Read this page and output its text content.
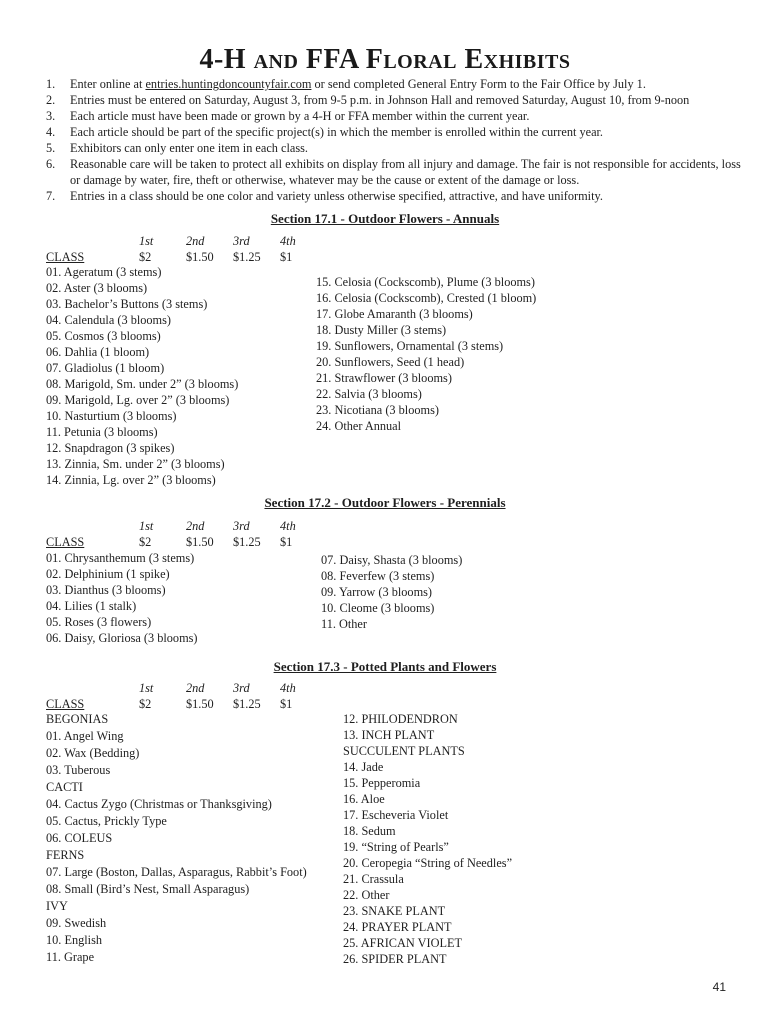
4-H and FFA Floral Exhibits
1. Enter online at entries.huntingdoncountyfair.com or send completed General Entry Form to the Fair Office by July 1.
2. Entries must be entered on Saturday, August 3, from 9-5 p.m. in Johnson Hall and removed Saturday, August 10, from 9-noon
3. Each article must have been made or grown by a 4-H or FFA member within the current year.
4. Each article should be part of the specific project(s) in which the member is enrolled within the current year.
5. Exhibitors can only enter one item in each class.
6. Reasonable care will be taken to protect all exhibits on display from all injury and damage. The fair is not responsible for accidents, loss or damage by water, fire, theft or otherwise, whatever may be the cause or extent of the damage or loss.
7. Entries in a class should be one color and variety unless otherwise specified, attractive, and have uniformity.
Section 17.1 - Outdoor Flowers - Annuals
1st	2nd 3rd 4th
CLASS	$2	$1.50 $1.25 $1
01. Ageratum (3 stems)
02. Aster (3 blooms)
03. Bachelor’s Buttons (3 stems)
04. Calendula (3 blooms)
05. Cosmos (3 blooms)
06. Dahlia (1 bloom)
07. Gladiolus (1 bloom)
08. Marigold, Sm. under 2” (3 blooms)
09. Marigold, Lg. over 2” (3 blooms)
10. Nasturtium (3 blooms)
11. Petunia (3 blooms)
12. Snapdragon (3 spikes)
13. Zinnia, Sm. under 2” (3 blooms)
14. Zinnia, Lg. over 2” (3 blooms)
15. Celosia (Cockscomb), Plume (3 blooms)
16. Celosia (Cockscomb), Crested (1 bloom)
17. Globe Amaranth (3 blooms)
18. Dusty Miller (3 stems)
19. Sunflowers, Ornamental (3 stems)
20. Sunflowers, Seed (1 head)
21. Strawflower (3 blooms)
22. Salvia (3 blooms)
23. Nicotiana (3 blooms)
24. Other Annual
Section 17.2 - Outdoor Flowers - Perennials
1st	2nd 3rd 4th
CLASS	$2	$1.50 $1.25 $1
01. Chrysanthemum (3 stems)
02. Delphinium (1 spike)
03. Dianthus (3 blooms)
04. Lilies (1 stalk)
05. Roses (3 flowers)
06. Daisy, Gloriosa (3 blooms)
07. Daisy, Shasta (3 blooms)
08. Feverfew (3 stems)
09. Yarrow (3 blooms)
10. Cleome (3 blooms)
11. Other
Section 17.3 - Potted Plants and Flowers
1st	2nd 3rd 4th
CLASS	$2	$1.50 $1.25 $1
BEGONIAS
01. Angel Wing
02. Wax (Bedding)
03. Tuberous
CACTI
04. Cactus Zygo (Christmas or Thanksgiving)
05. Cactus, Prickly Type
06. COLEUS
FERNS
07. Large (Boston, Dallas, Asparagus, Rabbit’s Foot)
08. Small (Bird’s Nest, Small Asparagus)
IVY
09. Swedish
10. English
11. Grape
12. PHILODENDRON
13. INCH PLANT
SUCCULENT PLANTS
14. Jade
15. Pepperomia
16. Aloe
17. Escheveria Violet
18. Sedum
19. “String of Pearls”
20. Ceropegia “String of Needles”
21. Crassula
22. Other
23. SNAKE PLANT
24. PRAYER PLANT
25. AFRICAN VIOLET
26. SPIDER PLANT
41
